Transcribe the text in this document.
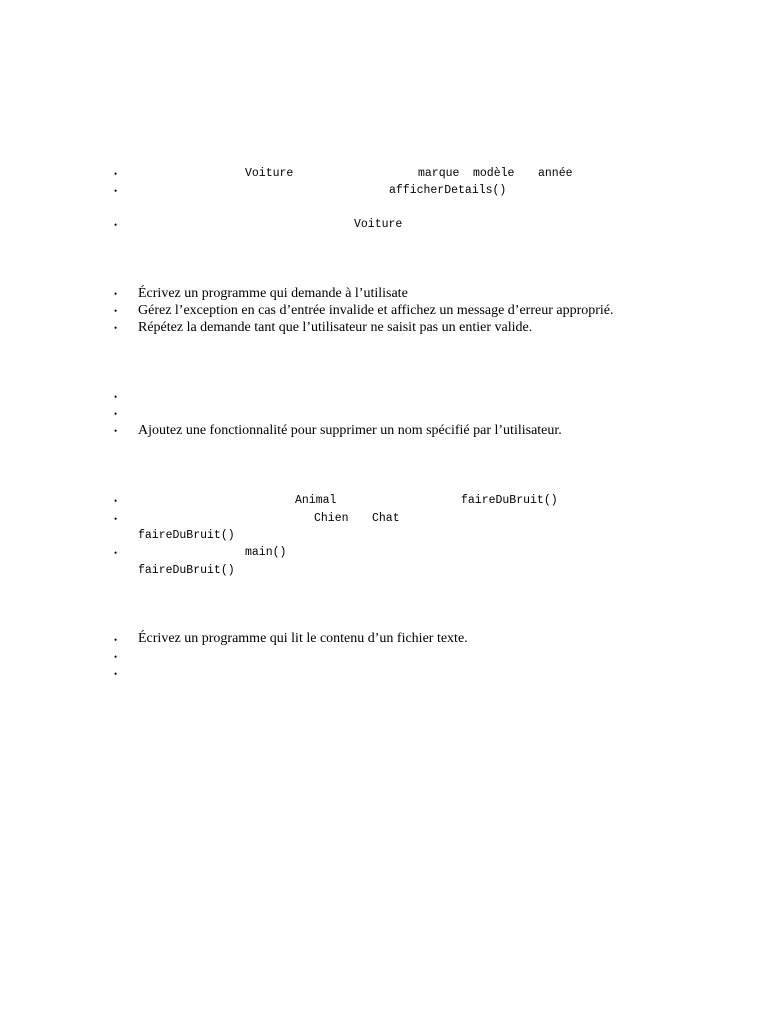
•	Voiture	marque modèle année
•	afficherDetails()
•	Voiture
• Écrivez un programme qui demande à l’utilisate
• Gérez l’exception en cas d’entrée invalide et affichez un message d’erreur approprié.
• Répétez la demande tant que l’utilisateur ne saisit pas un entier valide.
•
•
• Ajoutez une fonctionnalité pour supprimer un nom spécifié par l’utilisateur.
•	Animal	faireDuBruit()
•	Chien Chat
faireDuBruit()
•	main()
faireDuBruit()
• Écrivez un programme qui lit le contenu d’un fichier texte.
•
•
